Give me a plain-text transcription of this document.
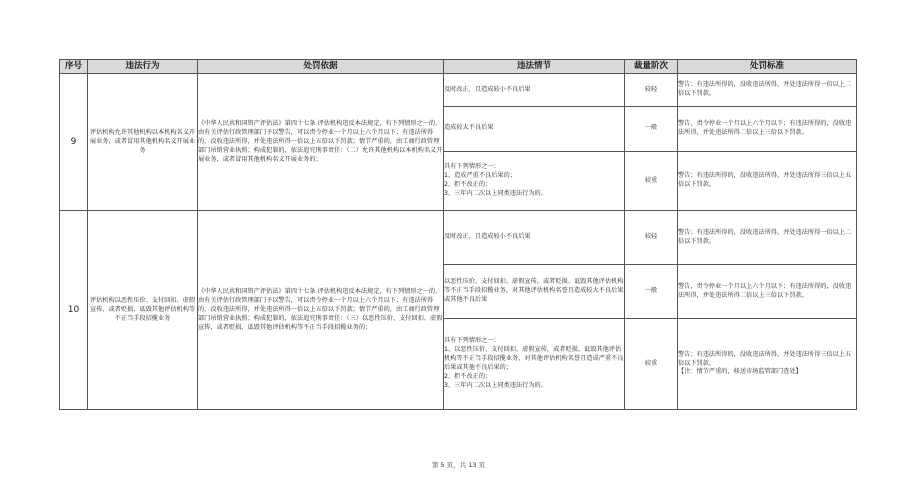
序号	违法行为	处罚依据	违法情节	裁量阶次	处罚标准
9	评估机构允许其他机构以本机构名义开展业务，或者冒用其他机构名义开展业务	《中华人民共和国资产评估法》第四十七条 评估机构违反本法规定，有下列情形之一的，由有关评估行政管理部门予以警告，可以责令停业一个月以上六个月以下；有违法所得的，没收违法所得，并处违法所得一倍以上五倍以下罚款；情节严重的，由工商行政管理部门吊销营业执照；构成犯罪的，依法追究刑事责任：（二）允许其他机构以本机构名义开展业务，或者冒用其他机构名义开展业务的；	及时改正，且造成较小不良后果	较轻	警告；有违法所得的，没收违法所得，并处违法所得一倍以上二倍以下罚款。
			造成较大不良后果	一般	警告，责令停业一个月以上六个月以下；有违法所得的，没收违法所得，并处违法所得二倍以上三倍以下罚款。
			具有下列情形之一：
1、造成严重不良后果的；
2、拒不改正的；
3、三年内二次以上同类违法行为的。	较重	警告；有违法所得的，没收违法所得，并处违法所得三倍以上五倍以下罚款。
10	评估机构以恶性压价、支付回扣、虚假宣传，或者贬损、诋毁其他评估机构等不正当手段招揽业务	《中华人民共和国资产评估法》第四十七条 评估机构违反本法规定，有下列情形之一的，由有关评估行政管理部门予以警告，可以责令停业一个月以上六个月以下；有违法所得的，没收违法所得，并处违法所得一倍以上五倍以下罚款；情节严重的，由工商行政管理部门吊销营业执照；构成犯罪的，依法追究刑事责任：（三）以恶性压价、支付回扣、虚假宣传，或者贬损、诋毁其他评估机构等不正当手段招揽业务的；	及时改正，且造成较小不良后果	较轻	警告；有违法所得的，没收违法所得，并处违法所得一倍以上二倍以下罚款。
			以恶性压价、支付回扣、虚假宣传，或者贬损、诋毁其他评估机构等不正当手段招揽业务，对其他评估机构名誉且造成较大不良后果或其他不良后果	一般	警告，责令停业一个月以上六个月以下；有违法所得的，没收违法所得，并处违法所得二倍以上三倍以下罚款。
			具有下列情形之一：
1、以恶性压价、支付回扣、虚假宣传，或者贬损、诋毁其他评估机构等不正当手段招揽业务，对其他评估机构名誉且造成严重不良后果或其他不良后果的；
2、拒不改正的；
3、三年内二次以上同类违法行为的。	较重	警告；有违法所得的，没收违法所得，并处违法所得三倍以上五倍以下罚款。
【注：情节严重的，移送市场监管部门查处】
第 5 页，共 13 页
